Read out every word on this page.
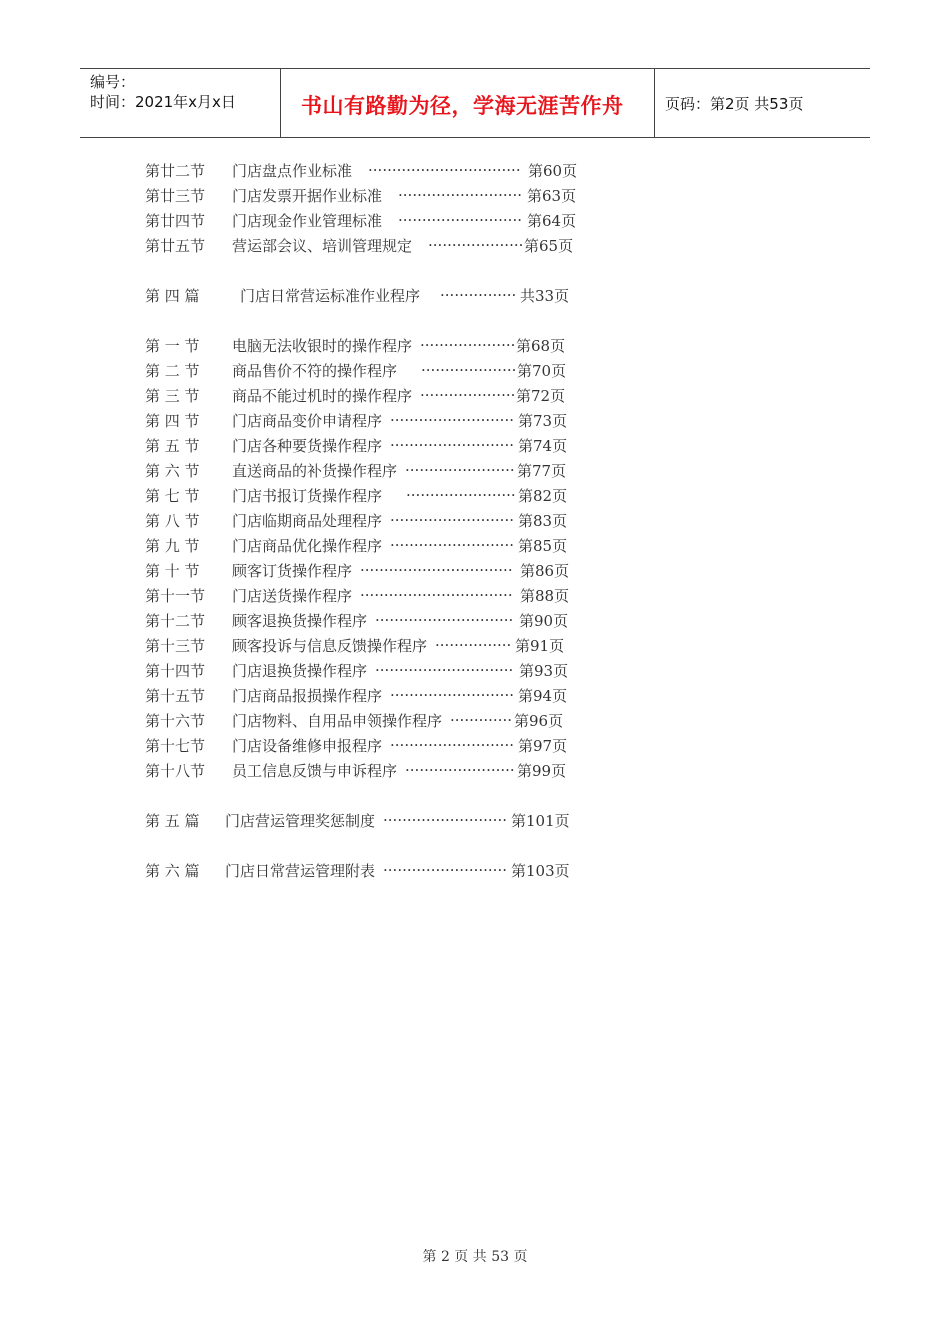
编号：
时间：2021年x月x日	书山有路勤为径，学海无涯苦作舟	页码：第2页 共53页
第廿二节	门店盘点作业标准 ································ 第60页
第廿三节	门店发票开据作业标准 ·························· 第63页
第廿四节	门店现金作业管理标准 ·························· 第64页
第廿五节	营运部会议、培训管理规定 ···················· 第65页
第 四 篇	门店日常营运标准作业程序 ················ 共33页
第 一 节	电脑无法收银时的操作程序 ···················· 第68页
第 二 节	商品售价不符的操作程序 ···················· 第70页
第 三 节	商品不能过机时的操作程序 ···················· 第72页
第 四 节	门店商品变价申请程序 ·························· 第73页
第 五 节	门店各种要货操作程序 ·························· 第74页
第 六 节	直送商品的补货操作程序 ······················· 第77页
第 七 节	门店书报订货操作程序 ······················· 第82页
第 八 节	门店临期商品处理程序 ·························· 第83页
第 九 节	门店商品优化操作程序 ·························· 第85页
第 十 节	顾客订货操作程序 ································ 第86页
第十一节	门店送货操作程序 ································ 第88页
第十二节	顾客退换货操作程序 ····························· 第90页
第十三节	顾客投诉与信息反馈操作程序 ················ 第91页
第十四节	门店退换货操作程序 ····························· 第93页
第十五节	门店商品报损操作程序 ·························· 第94页
第十六节	门店物料、自用品申领操作程序 ············· 第96页
第十七节	门店设备维修申报程序 ·························· 第97页
第十八节	员工信息反馈与申诉程序 ······················· 第99页
第 五 篇	门店营运管理奖惩制度 ·························· 第101页
第 六 篇	门店日常营运管理附表 ·························· 第103页
第 2 页 共 53 页
